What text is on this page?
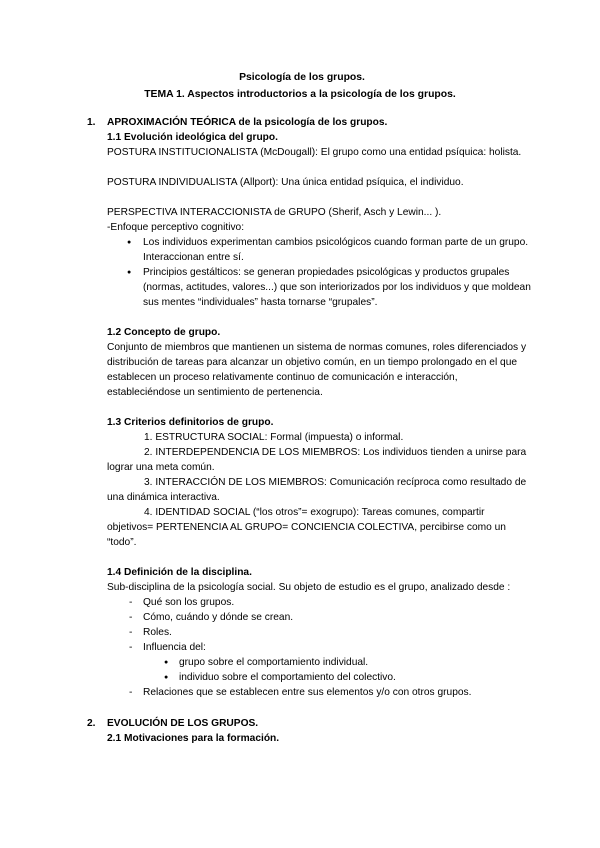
Psicología de los grupos.
TEMA 1. Aspectos introductorios a la psicología de los grupos.
1. APROXIMACIÓN TEÓRICA de la psicología de los grupos.
1.1 Evolución ideológica del grupo.

POSTURA INSTITUCIONALISTA (McDougall): El grupo como una entidad psíquica: holista.

POSTURA INDIVIDUALISTA (Allport): Una única entidad psíquica, el individuo.

PERSPECTIVA INTERACCIONISTA de GRUPO (Sherif, Asch y Lewin... ).

-Enfoque perceptivo cognitivo:

● Los individuos experimentan cambios psicológicos cuando forman parte de un grupo. Interaccionan entre sí.
● Principios gestálticos: se generan propiedades psicológicas y productos grupales (normas, actitudes, valores...) que son interiorizados por los individuos y que moldean sus mentes “individuales” hasta tornarse “grupales”.
1.2 Concepto de grupo.

Conjunto de miembros que mantienen un sistema de normas comunes, roles diferenciados y distribución de tareas para alcanzar un objetivo común, en un tiempo prolongado en el que establecen un proceso relativamente continuo de comunicación e interacción, estableciéndose un sentimiento de pertenencia.

1.3 Criterios definitorios de grupo.

1. ESTRUCTURA SOCIAL: Formal (impuesta) o informal.

2. INTERDEPENDENCIA DE LOS MIEMBROS: Los individuos tienden a unirse para lograr una meta común.

3. INTERACCIÓN DE LOS MIEMBROS: Comunicación recíproca como resultado de una dinámica interactiva.

4. IDENTIDAD SOCIAL (“los otros”= exogrupo): Tareas comunes, compartir objetivos= PERTENENCIA AL GRUPO= CONCIENCIA COLECTIVA, percibirse como un “todo”.

1.4 Definición de la disciplina.

Sub-disciplina de la psicología social. Su objeto de estudio es el grupo, analizado desde :

- Qué son los grupos.
- Cómo, cuándo y dónde se crean.
- Roles.
- Influencia del:
● grupo sobre el comportamiento individual.
● individuo sobre el comportamiento del colectivo.
- Relaciones que se establecen entre sus elementos y/o con otros grupos.
2. EVOLUCIÓN DE LOS GRUPOS.
2.1 Motivaciones para la formación.
